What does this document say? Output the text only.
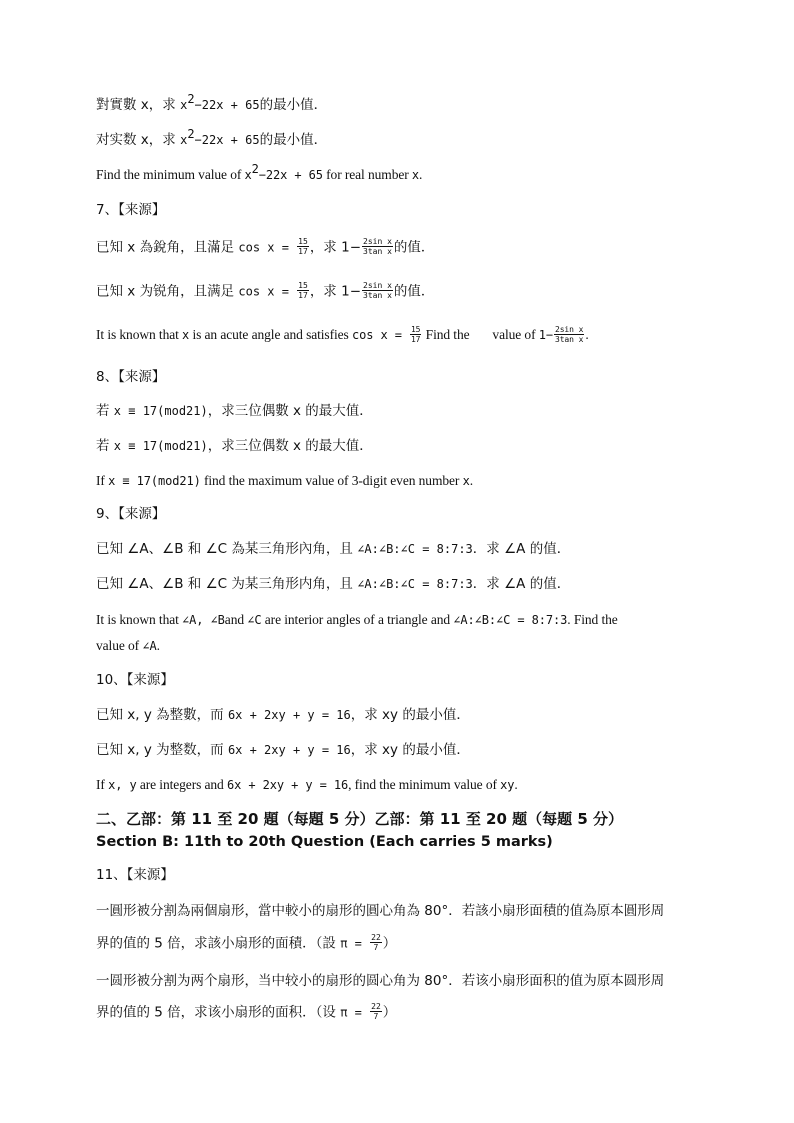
對實數 x，求 $x^2-22x + 65$的最小值．
对实数 x，求 $x^2-22x + 65$的最小值．
Find the minimum value of $x^2-22x + 65$ for real number x.
7、【来源】
已知 x 為銳角，且滿足 $\cos x = \frac{15}{17}$ ，求 $1- \frac{\text{2sin x}}{\text{3tan x}}$ 的值．
已知 x 为锐角，且满足 $\cos x = \frac{15}{17}$ ，求 $1- \frac{\text{2sin x}}{\text{3tan x}}$ 的值．
It is known that x is an acute angle and satisfies $\cos x = \frac{15}{17}$ Find the       value of $1- \frac{\text{2sin x}}{\text{3tan x}}$ .
8、【来源】
若 x ≡ 17(mod21)，求三位偶數 x 的最大值．
若 x ≡ 17(mod21)，求三位偶数 x 的最大值．
If x ≡ 17(mod21) find the maximum value of 3-digit even number x.
9、【来源】
已知 ∠A、∠B 和 ∠C 為某三角形內角，且 ∠A:∠B:∠C = 8:7:3．求 ∠A 的值．
已知 ∠A、∠B 和 ∠C 为某三角形内角，且 ∠A:∠B:∠C = 8:7:3．求 ∠A 的值．
It is known that ∠A, ∠Band ∠C are interior angles of a triangle and ∠A:∠B:∠C = 8:7:3. Find the
value of ∠A.
10、【来源】
已知 x, y 為整數，而 6x + 2xy + y = 16，求 xy 的最小值．
已知 x, y 为整数，而 6x + 2xy + y = 16，求 xy 的最小值．
If x, y are integers and 6x + 2xy + y = 16, find the minimum value of xy.
二、乙部：第 11 至 20 題（每題 5 分）乙部：第 11 至 20 题（每题 5 分）
Section B: 11th to 20th Question (Each carries 5 marks)
11、【来源】
一圓形被分割為兩個扇形，當中較小的扇形的圓心角為 80°．若該小扇形面積的值為原本圓形周
界的值的 5 倍，求該小扇形的面積．（設 $\pi = \frac{22}{7}$ ）
一圆形被分割为两个扇形，当中较小的扇形的圆心角为 80°．若该小扇形面积的值为原本圆形周
界的值的 5 倍，求该小扇形的面积．（设 $\pi = \frac{22}{7}$ ）
